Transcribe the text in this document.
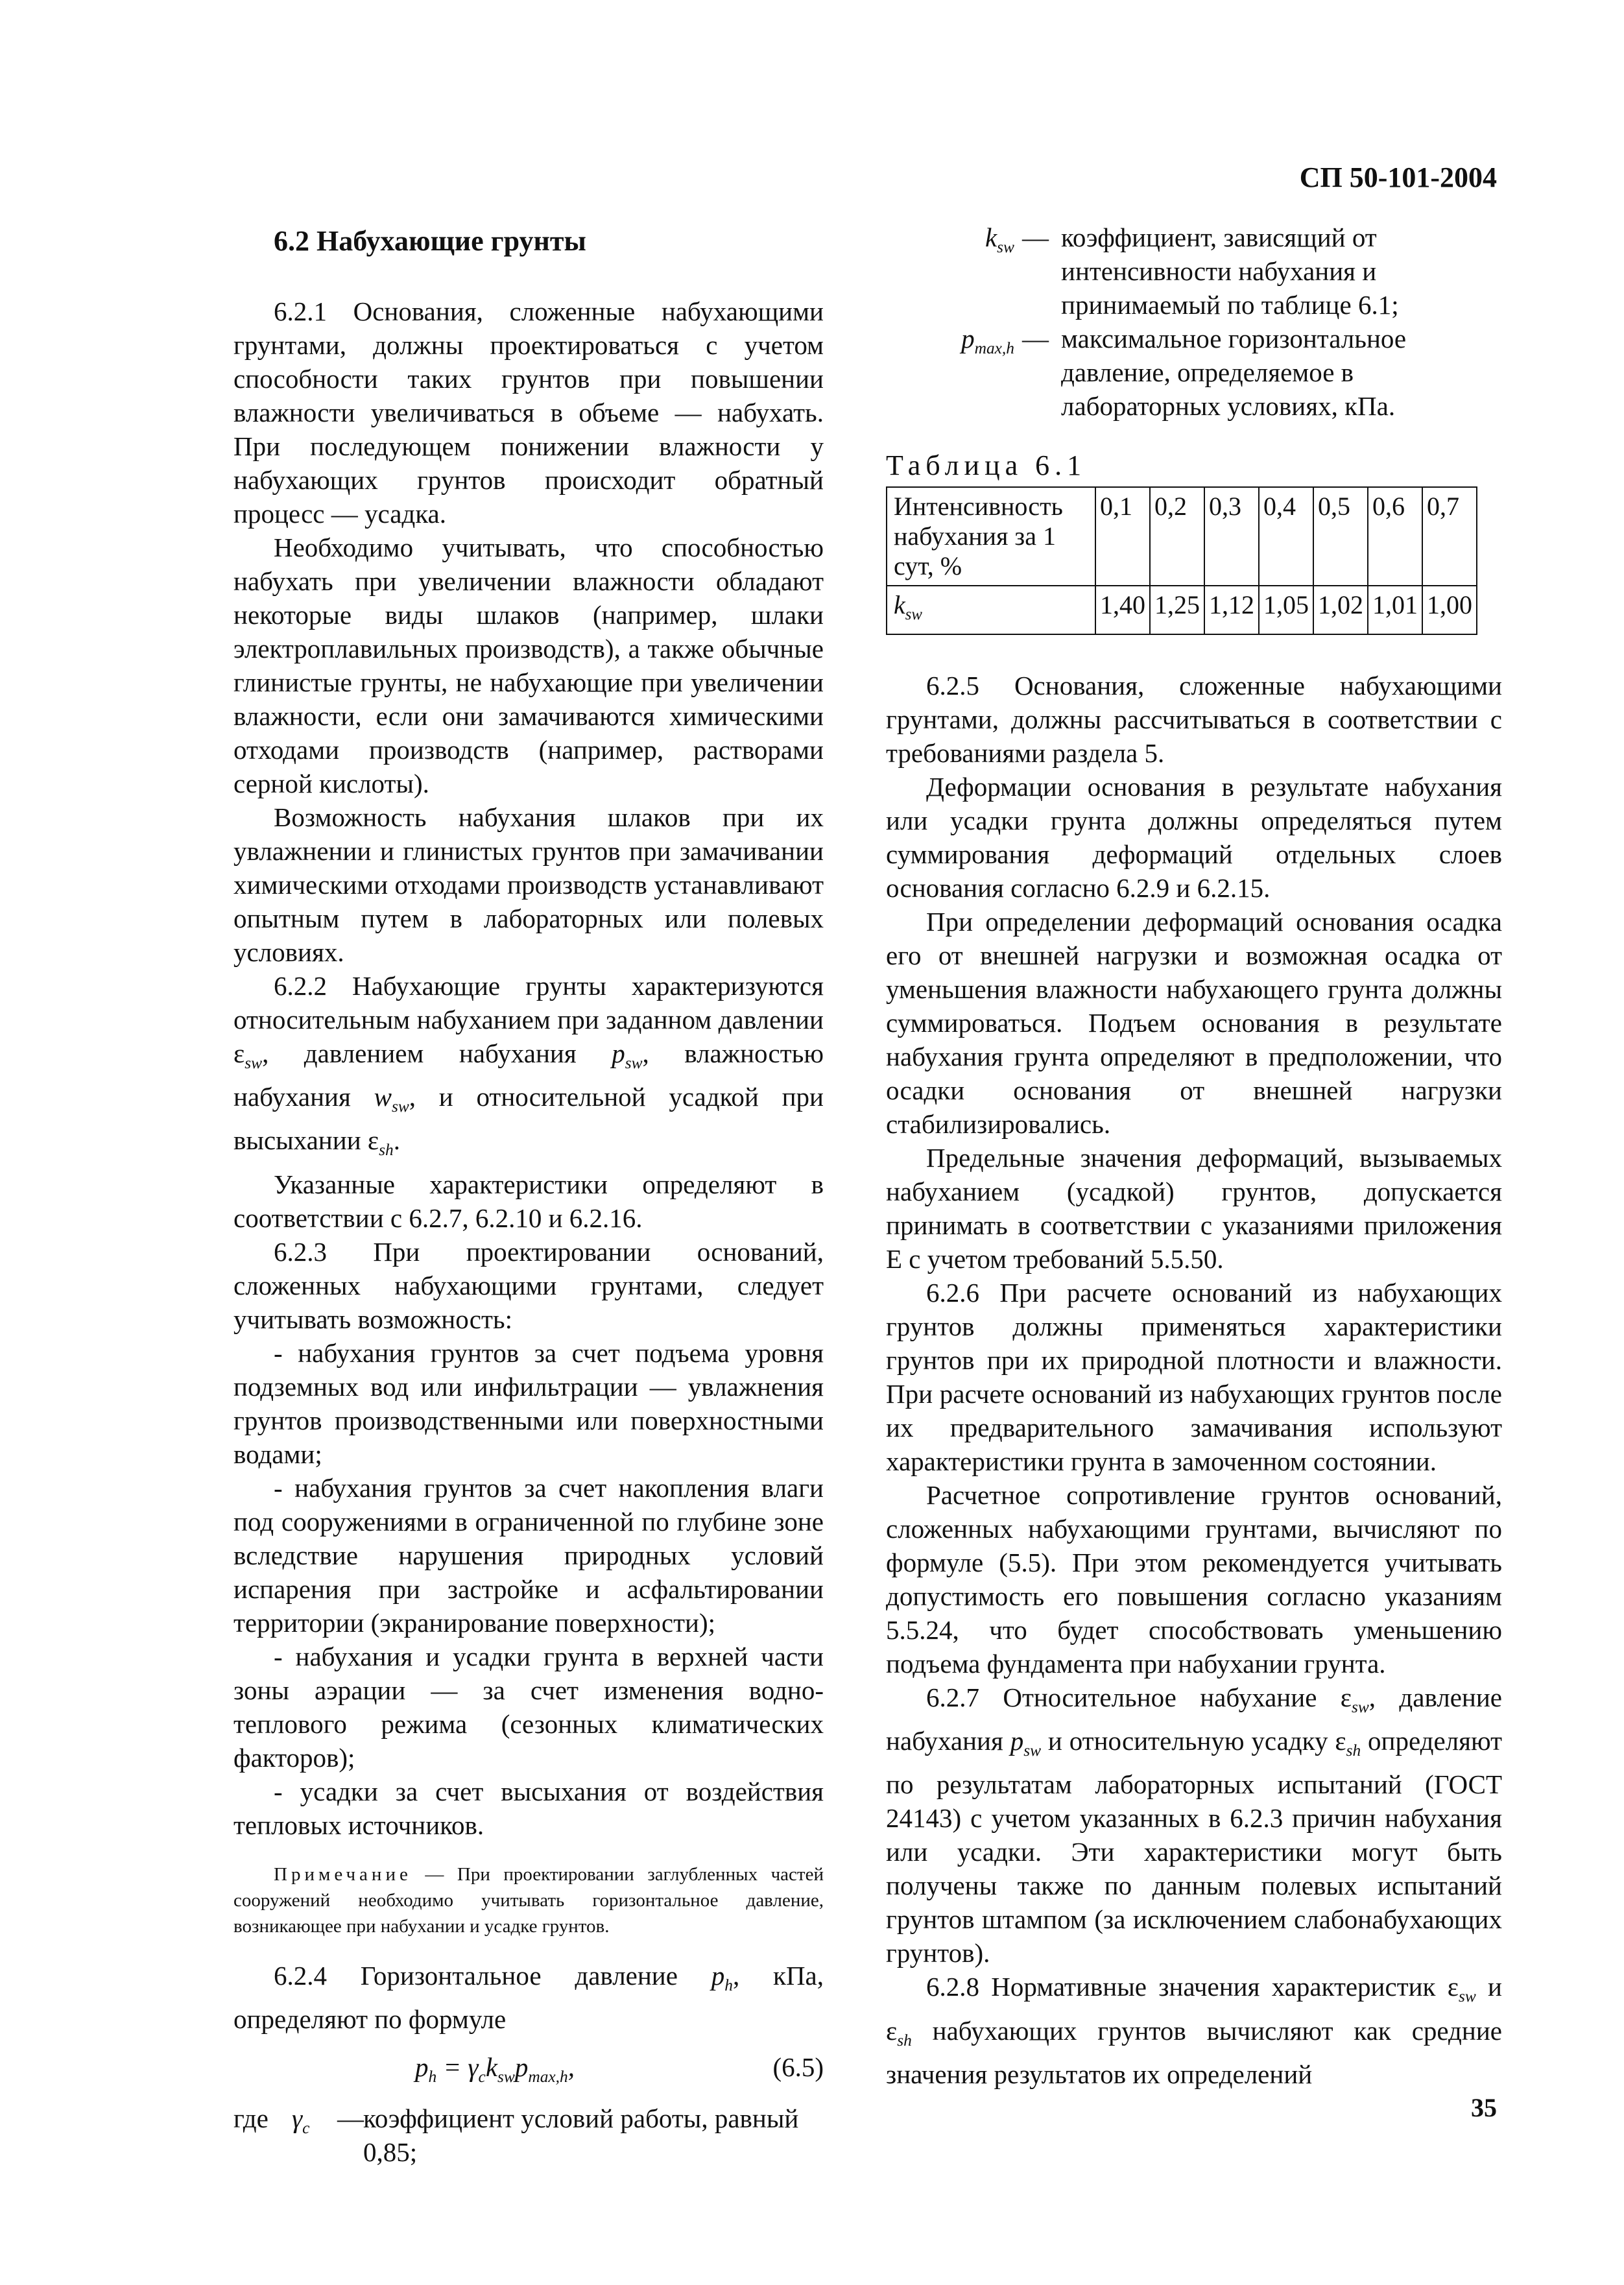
СП 50-101-2004
6.2 Набухающие грунты

6.2.1 Основания, сложенные набухающими грунтами, должны проектироваться с учетом способности таких грунтов при повышении влажности увеличиваться в объеме — набухать. При последующем понижении влажности у набухающих грунтов происходит обратный процесс — усадка.

Необходимо учитывать, что способностью набухать при увеличении влажности обладают некоторые виды шлаков (например, шлаки электроплавильных производств), а также обычные глинистые грунты, не набухающие при увеличении влажности, если они замачиваются химическими отходами производств (например, растворами серной кислоты).

Возможность набухания шлаков при их увлажнении и глинистых грунтов при замачивании химическими отходами производств устанавливают опытным путем в лабораторных или полевых условиях.

6.2.2 Набухающие грунты характеризуются относительным набуханием при заданном давлении $\varepsilon_{sw}$, давлением набухания $p_{sw}$, влажностью набухания $w_{sw}$, и относительной усадкой при высыхании $\varepsilon_{sh}$.

Указанные характеристики определяют в соответствии с 6.2.7, 6.2.10 и 6.2.16.

6.2.3 При проектировании оснований, сложенных набухающими грунтами, следует учитывать возможность:

- набухания грунтов за счет подъема уровня подземных вод или инфильтрации — увлажнения грунтов производственными или поверхностными водами;

- набухания грунтов за счет накопления влаги под сооружениями в ограниченной по глубине зоне вследствие нарушения природных условий испарения при застройке и асфальтировании территории (экранирование поверхности);

- набухания и усадки грунта в верхней части зоны аэрации — за счет изменения водно-теплового режима (сезонных климатических факторов);

- усадки за счет высыхания от воздействия тепловых источников.

Примечание — При проектировании заглубленных частей сооружений необходимо учитывать горизонтальное давление, возникающее при набухании и усадке грунтов.

6.2.4 Горизонтальное давление $p_h$, кПа, определяют по формуле

$p_h = \gamma_ck_{sw}p_{max,h}$,	(6.5)
где $\gamma_c$	— коэффициент условий работы, равный 0,85;
$k_{sw}$ — коэффициент, зависящий от интенсивности набухания и принимаемый по таблице 6.1;
$p_{max,h}$ — максимальное горизонтальное давление, определяемое в лабораторных условиях, кПа.

Таблица 6.1

Интенсивность набухания за 1 сут, %	0,1	0,2	0,3	0,4	0,5	0,6	0,7
$k_{sw}$	1,40	1,25	1,12	1,05	1,02	1,01	1,00

6.2.5 Основания, сложенные набухающими грунтами, должны рассчитываться в соответствии с требованиями раздела 5.

Деформации основания в результате набухания или усадки грунта должны определяться путем суммирования деформаций отдельных слоев основания согласно 6.2.9 и 6.2.15.

При определении деформаций основания осадка его от внешней нагрузки и возможная осадка от уменьшения влажности набухающего грунта должны суммироваться. Подъем основания в результате набухания грунта определяют в предположении, что осадки основания от внешней нагрузки стабилизировались.

Предельные значения деформаций, вызываемых набуханием (усадкой) грунтов, допускается принимать в соответствии с указаниями приложения Е с учетом требований 5.5.50.

6.2.6 При расчете оснований из набухающих грунтов должны применяться характеристики грунтов при их природной плотности и влажности. При расчете оснований из набухающих грунтов после их предварительного замачивания используют характеристики грунта в замоченном состоянии.

Расчетное сопротивление грунтов оснований, сложенных набухающими грунтами, вычисляют по формуле (5.5). При этом рекомендуется учитывать допустимость его повышения согласно указаниям 5.5.24, что будет способствовать уменьшению подъема фундамента при набухании грунта.

6.2.7 Относительное набухание $\varepsilon_{sw}$, давление набухания $p_{sw}$ и относительную усадку $\varepsilon_{sh}$ определяют по результатам лабораторных испытаний (ГОСТ 24143) с учетом указанных в 6.2.3 причин набухания или усадки. Эти характеристики могут быть получены также по данным полевых испытаний грунтов штампом (за исключением слабонабухающих грунтов).

6.2.8 Нормативные значения характеристик $\varepsilon_{sw}$ и $\varepsilon_{sh}$ набухающих грунтов вычисляют как средние значения результатов их определений

35
